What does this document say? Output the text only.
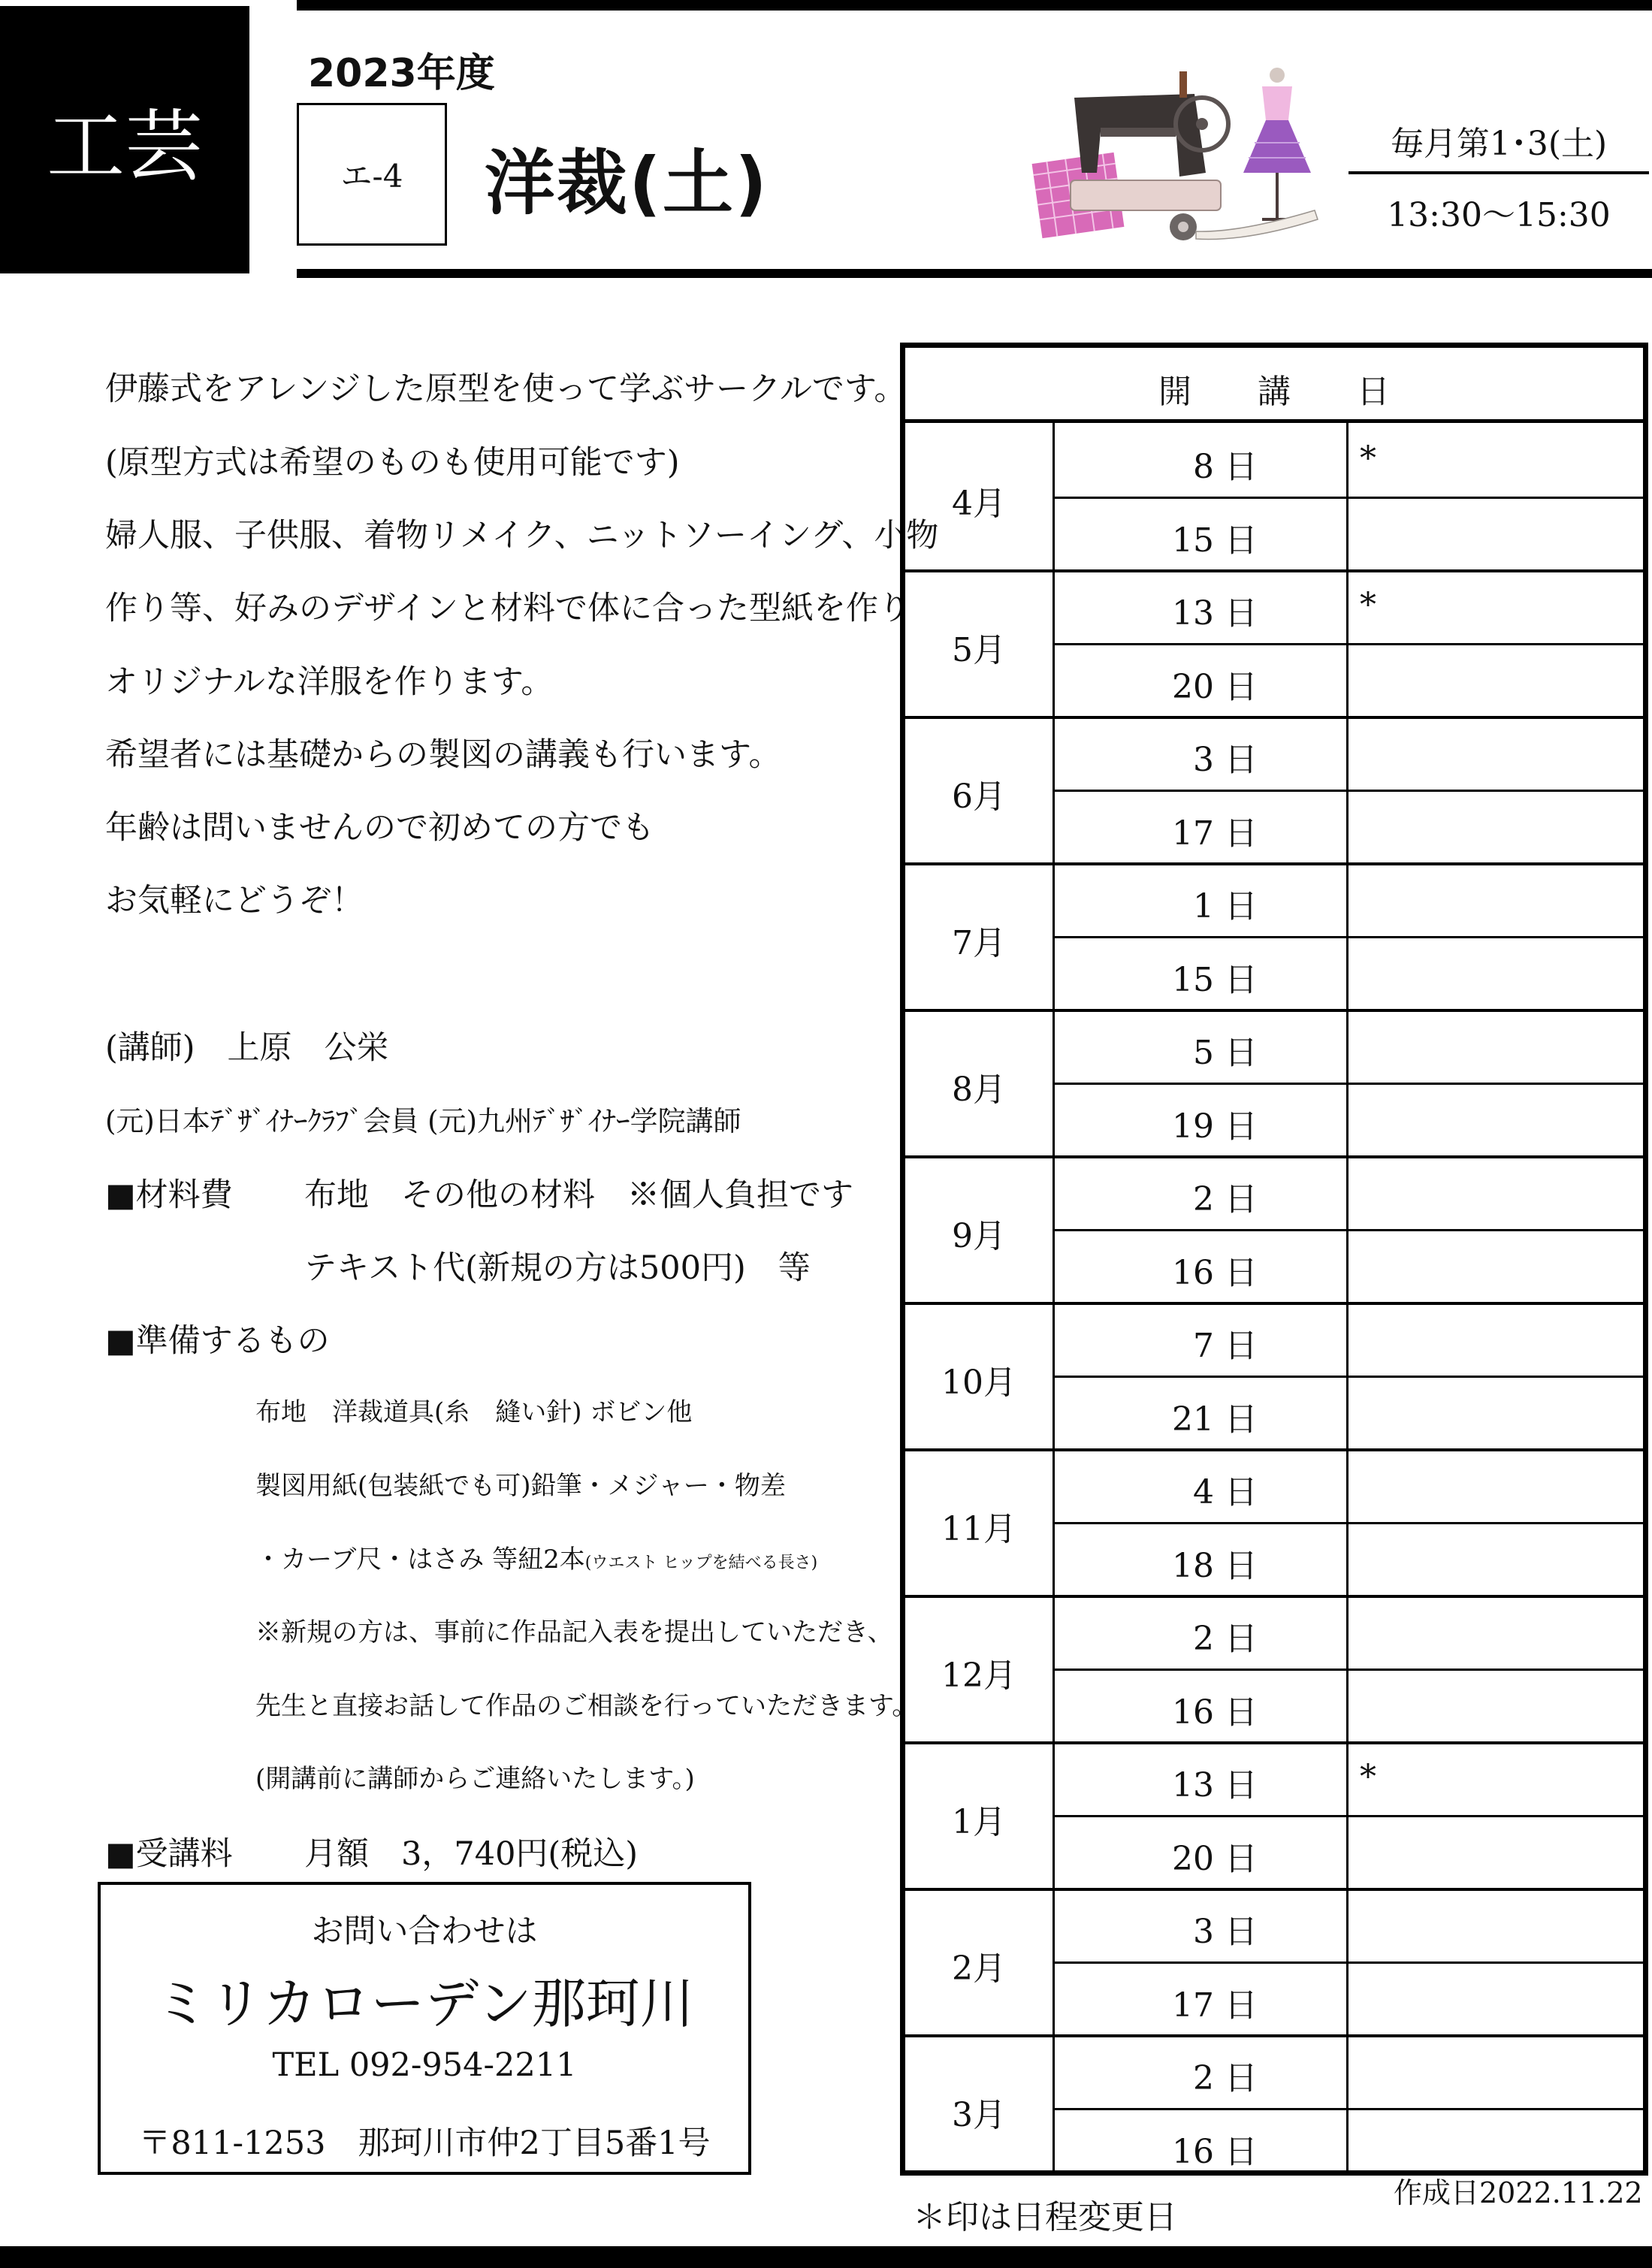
工芸
2023年度
エ-4	洋裁(土)	毎月第1･3(土)
13:30～15:30
伊藤式をアレンジした原型を使って学ぶサークルです。
(原型方式は希望のものも使用可能です)
婦人服、子供服、着物リメイク、ニットソーイング、小物
作り等、好みのデザインと材料で体に合った型紙を作り
オリジナルな洋服を作ります。
希望者には基礎からの製図の講義も行います。
年齢は問いませんので初めての方でも
お気軽にどうぞ！
(講師)　上原　公栄
(元)日本ﾃﾞｻﾞｲﾅｰｸﾗﾌﾞ会員 (元)九州ﾃﾞｻﾞｲﾅｰ学院講師
■材料費 布地　その他の材料　※個人負担です
テキスト代(新規の方は500円)　等
■準備するもの
布地　洋裁道具(糸　縫い針) ボビン他
製図用紙(包装紙でも可)鉛筆・メジャー・物差
・カーブ尺・はさみ 等紐2本(ウエスト ヒップを結べる長さ)
※新規の方は、事前に作品記入表を提出していただき、
先生と直接お話して作品のご相談を行っていただきます。
(開講前に講師からご連絡いたします。)
■受講料 月額　3，740円(税込)
お問い合わせは
ミリカローデン那珂川
TEL 092-954-2211
〒811-1253　那珂川市仲2丁目5番1号
開　　講　　日
4月
8 日	*
15 日
5月
13 日	*
20 日
6月
3 日
17 日
7月
1 日
15 日
8月
5 日
19 日
9月
2 日
16 日
10月
7 日
21 日
11月
4 日
18 日
12月
2 日
16 日
1月
13 日	*
20 日
2月
3 日
17 日
3月
2 日
16 日
＊印は日程変更日
作成日2022.11.22
